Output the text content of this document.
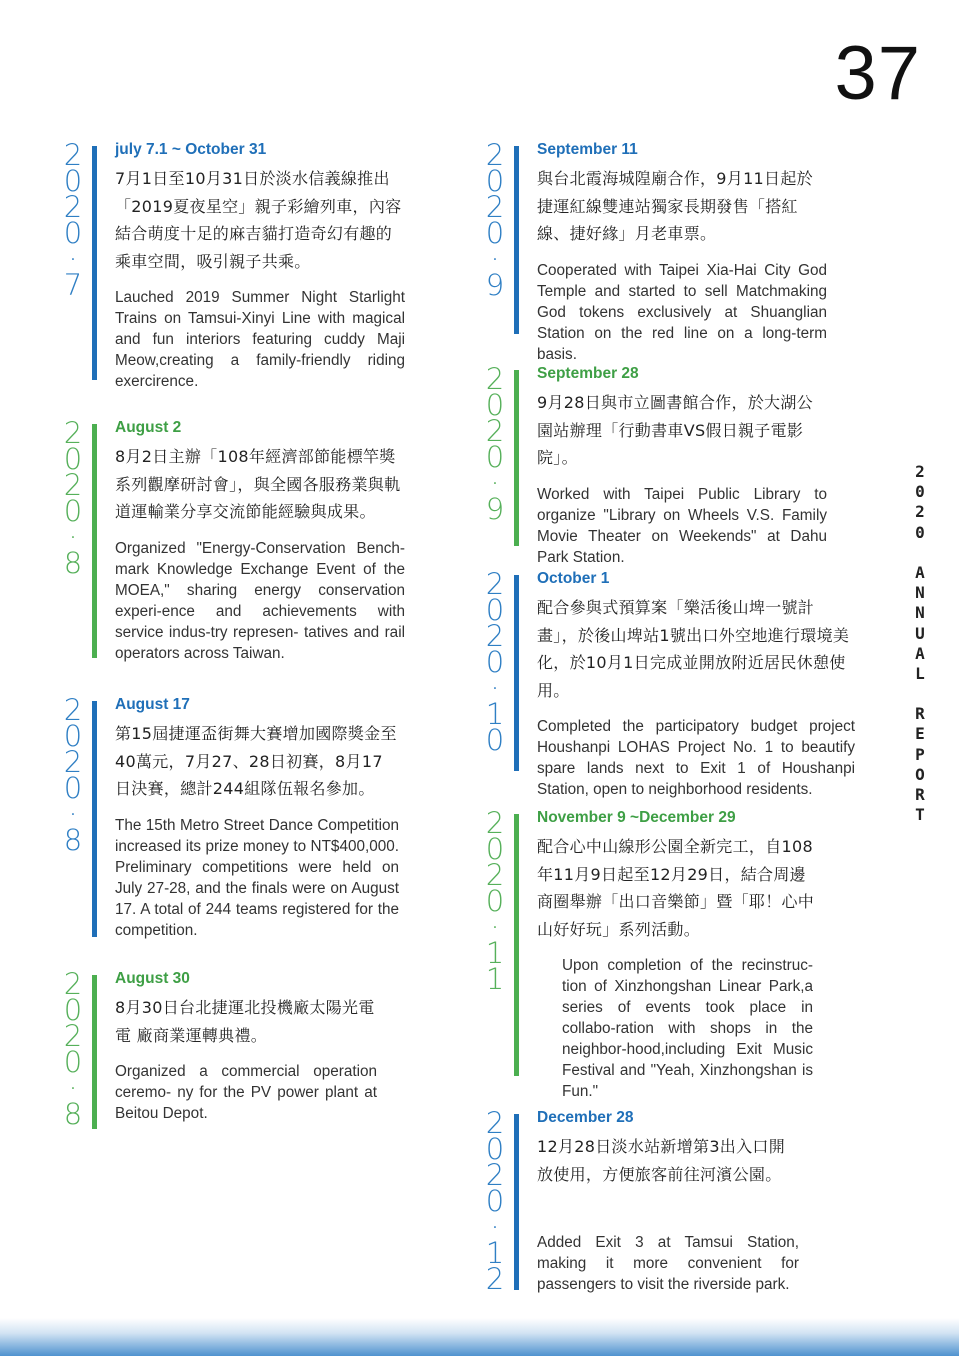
37
2
0
2
0
A
N
N
U
A
L
R
E
P
O
R
T
2
0
2
0
·
7

july 7.1 ~ October 31

7月1日至10月31日於淡水信義線推出「2019夏夜星空」親子彩繪列車，內容結合萌度十足的麻吉貓打造奇幻有趣的乘車空間，吸引親子共乘。

Lauched 2019 Summer Night Starlight Trains on Tamsui-Xinyi Line with magical and fun interiors featuring cuddy Maji Meow,creating a family-friendly riding exercirence.

2
0
2
0
·
8

August 2

8月2日主辦「108年經濟部節能標竿獎系列觀摩研討會」，與全國各服務業與軌道運輸業分享交流節能經驗與成果。

Organized "Energy-Conservation Bench-mark Knowledge Exchange Event of the MOEA," sharing energy conservation experi-ence and achievements with service indus-try represen- tatives and rail operators across Taiwan.

2
0
2
0
·
8

August 17

第15屆捷運盃街舞大賽增加國際獎金至40萬元，7月27、28日初賽，8月17日決賽，總計244組隊伍報名參加。

The 15th Metro Street Dance Competition increased its prize money to NT$400,000. Preliminary competitions were held on July 27-28, and the finals were on August 17. A total of 244 teams registered for the competition.

2
0
2
0
·
8

August 30

8月30日台北捷運北投機廠太陽光電電 廠商業運轉典禮。

Organized a commercial operation ceremo- ny for the PV power plant at Beitou Depot.

2
0
2
0
·
9

September 11

與台北霞海城隍廟合作，9月11日起於捷運紅線雙連站獨家長期發售「搭紅線、捷好緣」月老車票。

Cooperated with Taipei Xia-Hai City God Temple and started to sell Matchmaking God tokens exclusively at Shuanglian Station on the red line on a long-term basis.

2
0
2
0
·
9

September 28

9月28日與市立圖書館合作，於大湖公園站辦理「行動書車VS假日親子電影院」。

Worked with Taipei Public Library to organize "Library on Wheels V.S. Family Movie Theater on Weekends" at Dahu Park Station.

2
0
2
0
·
1
0

October 1

配合參與式預算案「樂活後山埤一號計 畫」，於後山埤站1號出口外空地進行環境美化，於10月1日完成並開放附近居民休憩使用。

Completed the participatory budget project Houshanpi LOHAS Project No. 1 to beautify spare lands next to Exit 1 of Houshanpi Station, open to neighborhood residents.

2
0
2
0
·
1
1

November 9 ~December 29

配合心中山線形公園全新完工，自108年11月9日起至12月29日，結合周邊商圈舉辦「出口音樂節」暨「耶！心中山好好玩」系列活動。

Upon completion of the recinstruc-tion of Xinzhongshan Linear Park,a series of events took place in collabo-ration with shops in the neighbor-hood,including Exit Music Festival and "Yeah, Xinzhongshan is Fun."

2
0
2
0
·
1
2

December 28

12月28日淡水站新增第3出入口開放使用，方便旅客前往河濱公園。

Added Exit 3 at Tamsui Station, making it more convenient for passengers to visit the riverside park.
